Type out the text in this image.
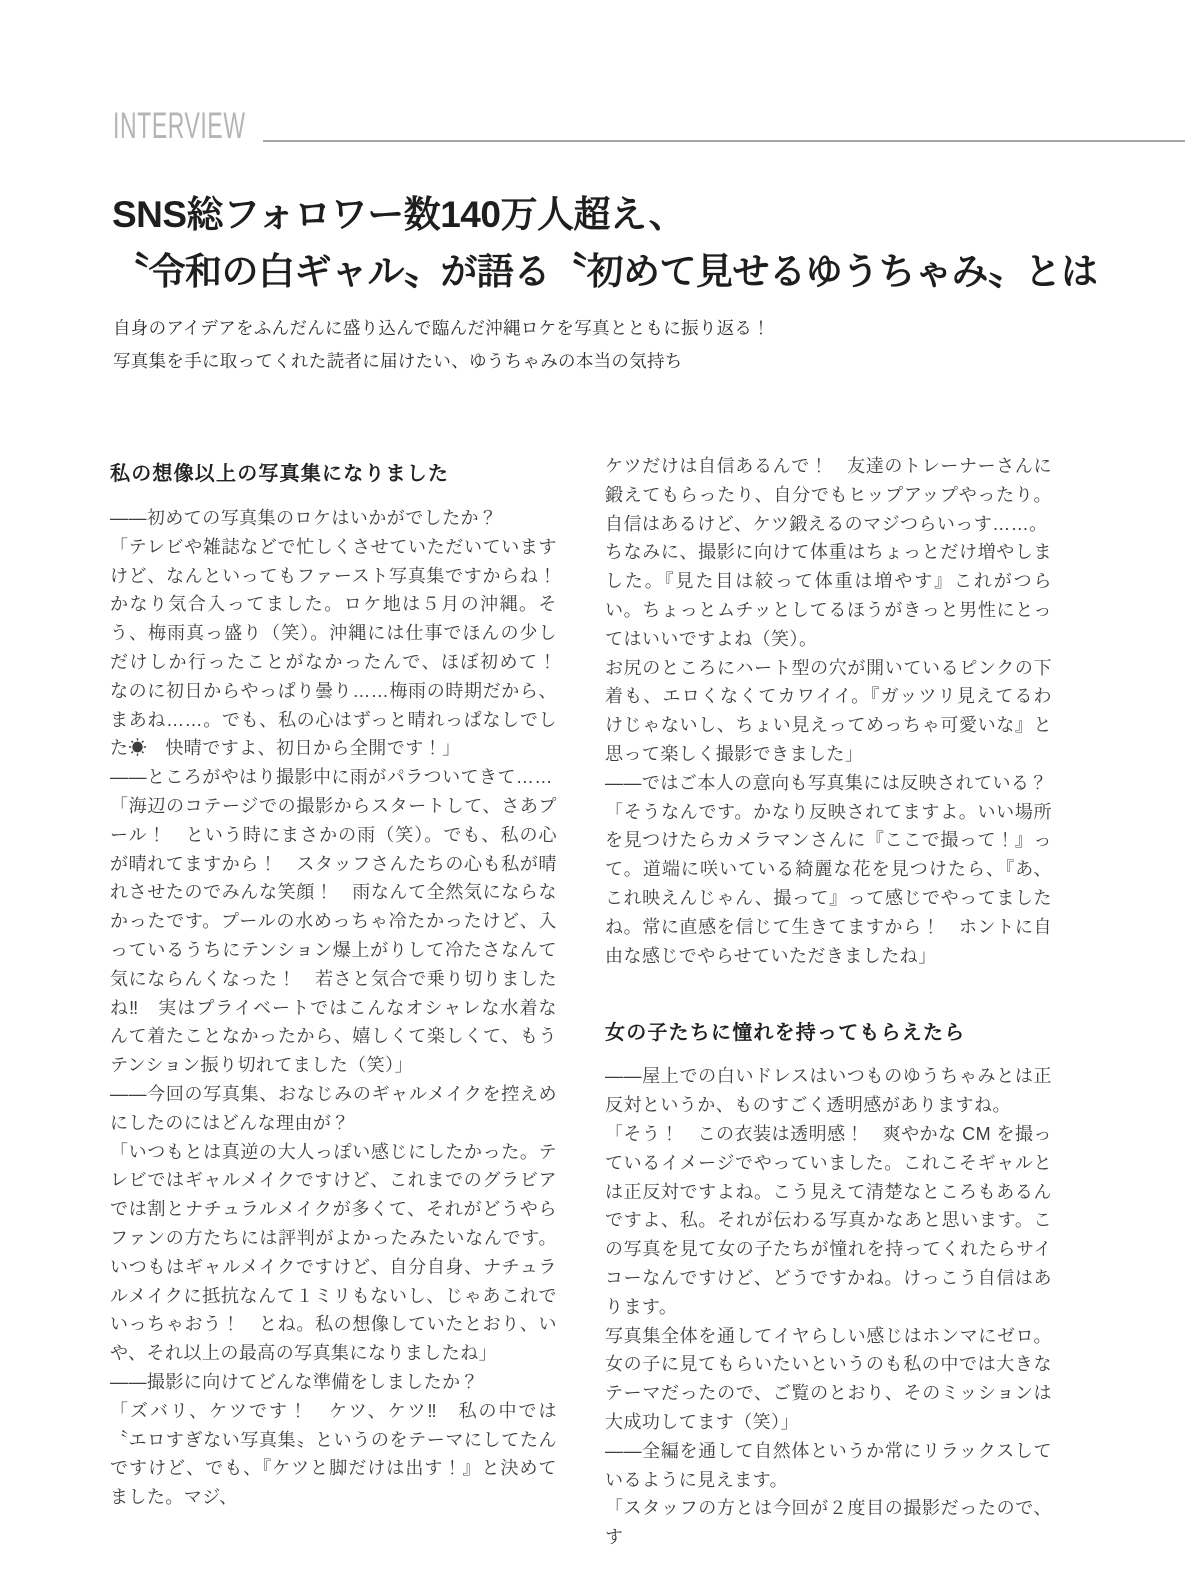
INTERVIEW
SNS総フォロワー数140万人超え、
〝令和の白ギャル〟が語る〝初めて見せるゆうちゃみ〟とは
自身のアイデアをふんだんに盛り込んで臨んだ沖縄ロケを写真とともに振り返る！
写真集を手に取ってくれた読者に届けたい、ゆうちゃみの本当の気持ち
私の想像以上の写真集になりました

——初めての写真集のロケはいかがでしたか？

「テレビや雑誌などで忙しくさせていただいていますけど、なんといってもファースト写真集ですからね！　かなり気合入ってました。ロケ地は５月の沖縄。そう、梅雨真っ盛り（笑）。沖縄には仕事でほんの少しだけしか行ったことがなかったんで、ほぼ初めて！　なのに初日からやっぱり曇り……梅雨の時期だから、まあね……。でも、私の心はずっと晴れっぱなしでした☀　快晴ですよ、初日から全開です！」

——ところがやはり撮影中に雨がパラついてきて……

「海辺のコテージでの撮影からスタートして、さあプール！　という時にまさかの雨（笑）。でも、私の心が晴れてますから！　スタッフさんたちの心も私が晴れさせたのでみんな笑顔！　雨なんて全然気にならなかったです。プールの水めっちゃ冷たかったけど、入っているうちにテンション爆上がりして冷たさなんて気にならんくなった！　若さと気合で乗り切りましたね‼　実はプライベートではこんなオシャレな水着なんて着たことなかったから、嬉しくて楽しくて、もうテンション振り切れてました（笑）」

——今回の写真集、おなじみのギャルメイクを控えめにしたのにはどんな理由が？

「いつもとは真逆の大人っぽい感じにしたかった。テレビではギャルメイクですけど、これまでのグラビアでは割とナチュラルメイクが多くて、それがどうやらファンの方たちには評判がよかったみたいなんです。いつもはギャルメイクですけど、自分自身、ナチュラルメイクに抵抗なんて１ミリもないし、じゃあこれでいっちゃおう！　とね。私の想像していたとおり、いや、それ以上の最高の写真集になりましたね」

——撮影に向けてどんな準備をしましたか？

「ズバリ、ケツです！　ケツ、ケツ‼　私の中では〝エロすぎない写真集〟というのをテーマにしてたんですけど、でも、『ケツと脚だけは出す！』と決めてました。マジ、

ケツだけは自信あるんで！　友達のトレーナーさんに鍛えてもらったり、自分でもヒップアップやったり。自信はあるけど、ケツ鍛えるのマジつらいっす……。

ちなみに、撮影に向けて体重はちょっとだけ増やしました。『見た目は絞って体重は増やす』これがつらい。ちょっとムチッとしてるほうがきっと男性にとってはいいですよね（笑）。

お尻のところにハート型の穴が開いているピンクの下着も、エロくなくてカワイイ。『ガッツリ見えてるわけじゃないし、ちょい見えってめっちゃ可愛いな』と思って楽しく撮影できました」

——ではご本人の意向も写真集には反映されている？

「そうなんです。かなり反映されてますよ。いい場所を見つけたらカメラマンさんに『ここで撮って！』って。道端に咲いている綺麗な花を見つけたら、『あ、これ映えんじゃん、撮って』って感じでやってましたね。常に直感を信じて生きてますから！　ホントに自由な感じでやらせていただきましたね」

女の子たちに憧れを持ってもらえたら

——屋上での白いドレスはいつものゆうちゃみとは正反対というか、ものすごく透明感がありますね。

「そう！　この衣装は透明感！　爽やかな CM を撮っているイメージでやっていました。これこそギャルとは正反対ですよね。こう見えて清楚なところもあるんですよ、私。それが伝わる写真かなあと思います。この写真を見て女の子たちが憧れを持ってくれたらサイコーなんですけど、どうですかね。けっこう自信はあります。

写真集全体を通してイヤらしい感じはホンマにゼロ。女の子に見てもらいたいというのも私の中では大きなテーマだったので、ご覧のとおり、そのミッションは大成功してます（笑）」

——全編を通して自然体というか常にリラックスしているように見えます。

「スタッフの方とは今回が２度目の撮影だったので、す
